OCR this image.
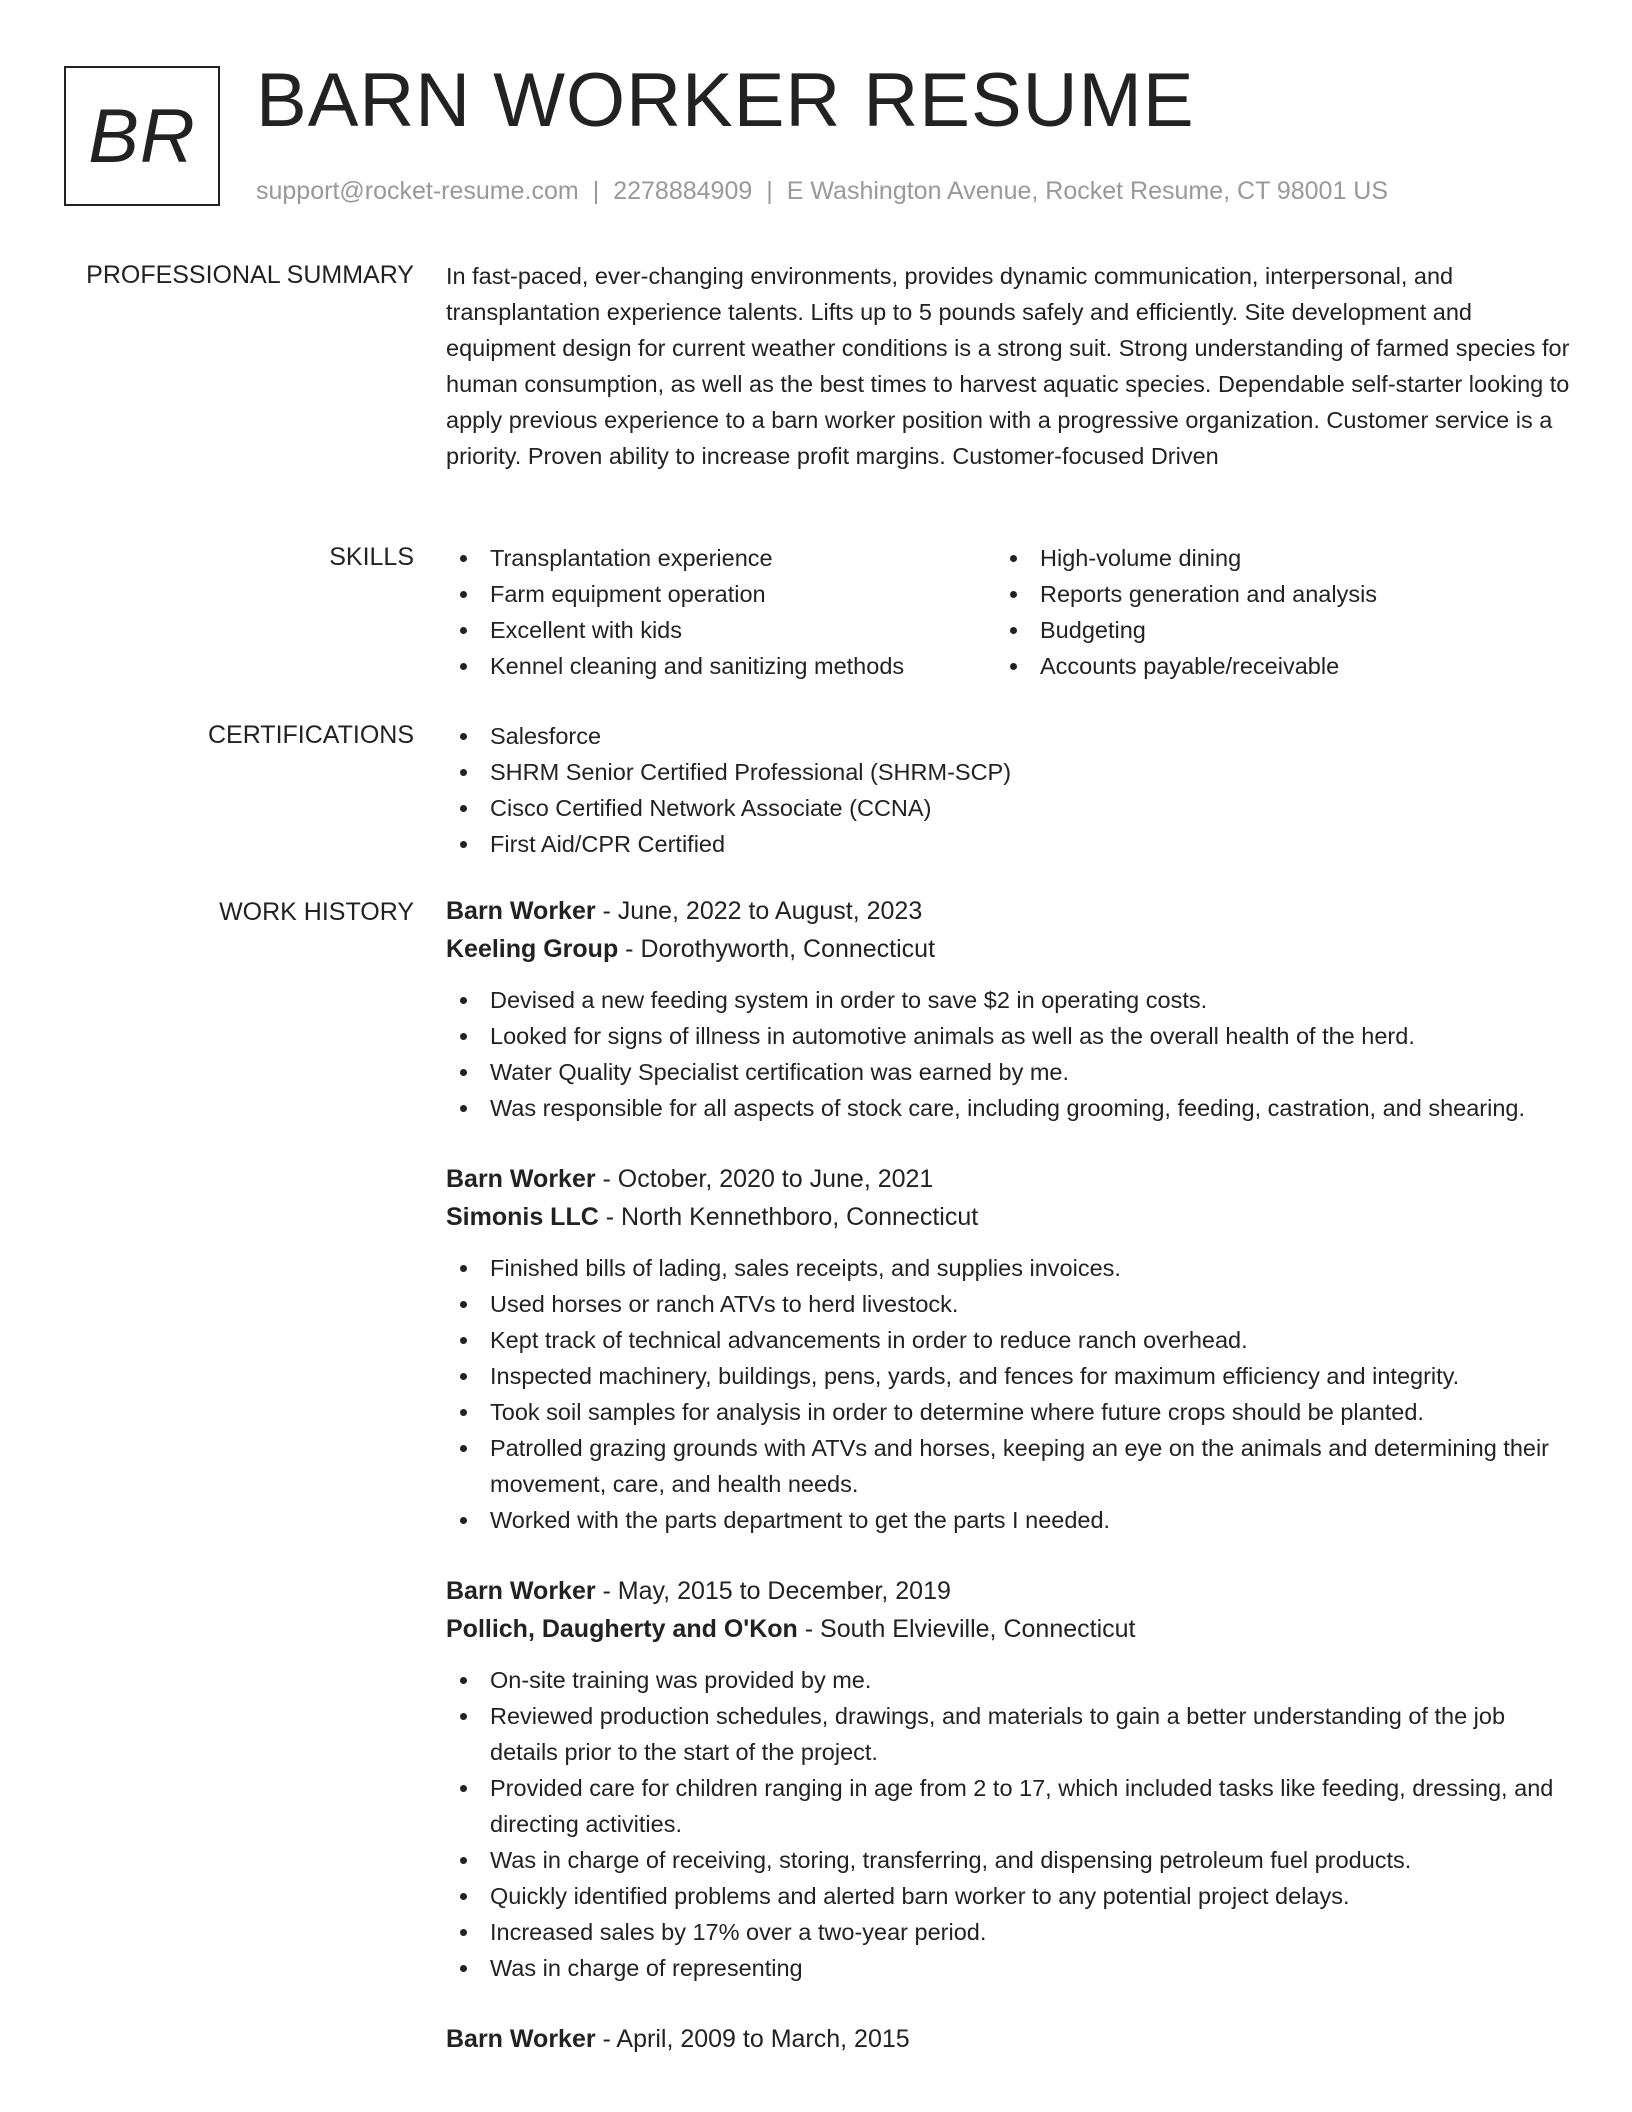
BR BARN WORKER RESUME
support@rocket-resume.com | 2278884909 | E Washington Avenue, Rocket Resume, CT 98001 US
PROFESSIONAL SUMMARY In fast-paced, ever-changing environments, provides dynamic communication, interpersonal, and transplantation experience talents. Lifts up to 5 pounds safely and efficiently. Site development and equipment design for current weather conditions is a strong suit. Strong understanding of farmed species for human consumption, as well as the best times to harvest aquatic species. Dependable self-starter looking to apply previous experience to a barn worker position with a progressive organization. Customer service is a priority. Proven ability to increase profit margins. Customer-focused Driven

SKILLS	Transplantation experience
Farm equipment operation
Excellent with kids
Kennel cleaning and sanitizing methods
High-volume dining
Reports generation and analysis
Budgeting
Accounts payable/receivable
CERTIFICATIONS	Salesforce
SHRM Senior Certified Professional (SHRM-SCP)
Cisco Certified Network Associate (CCNA)
First Aid/CPR Certified
WORK HISTORY Barn Worker - June, 2022 to August, 2023
Keeling Group - Dorothyworth, Connecticut
Devised a new feeding system in order to save $2 in operating costs.
Looked for signs of illness in automotive animals as well as the overall health of the herd.
Water Quality Specialist certification was earned by me.
Was responsible for all aspects of stock care, including grooming, feeding, castration, and shearing.
Barn Worker - October, 2020 to June, 2021
Simonis LLC - North Kennethboro, Connecticut
Finished bills of lading, sales receipts, and supplies invoices.
Used horses or ranch ATVs to herd livestock.
Kept track of technical advancements in order to reduce ranch overhead.
Inspected machinery, buildings, pens, yards, and fences for maximum efficiency and integrity.
Took soil samples for analysis in order to determine where future crops should be planted.
Patrolled grazing grounds with ATVs and horses, keeping an eye on the animals and determining their movement, care, and health needs.
Worked with the parts department to get the parts I needed.
Barn Worker - May, 2015 to December, 2019
Pollich, Daugherty and O'Kon - South Elvieville, Connecticut
On-site training was provided by me.
Reviewed production schedules, drawings, and materials to gain a better understanding of the job details prior to the start of the project.
Provided care for children ranging in age from 2 to 17, which included tasks like feeding, dressing, and directing activities.
Was in charge of receiving, storing, transferring, and dispensing petroleum fuel products.
Quickly identified problems and alerted barn worker to any potential project delays.
Increased sales by 17% over a two-year period.
Was in charge of representing
Barn Worker - April, 2009 to March, 2015
